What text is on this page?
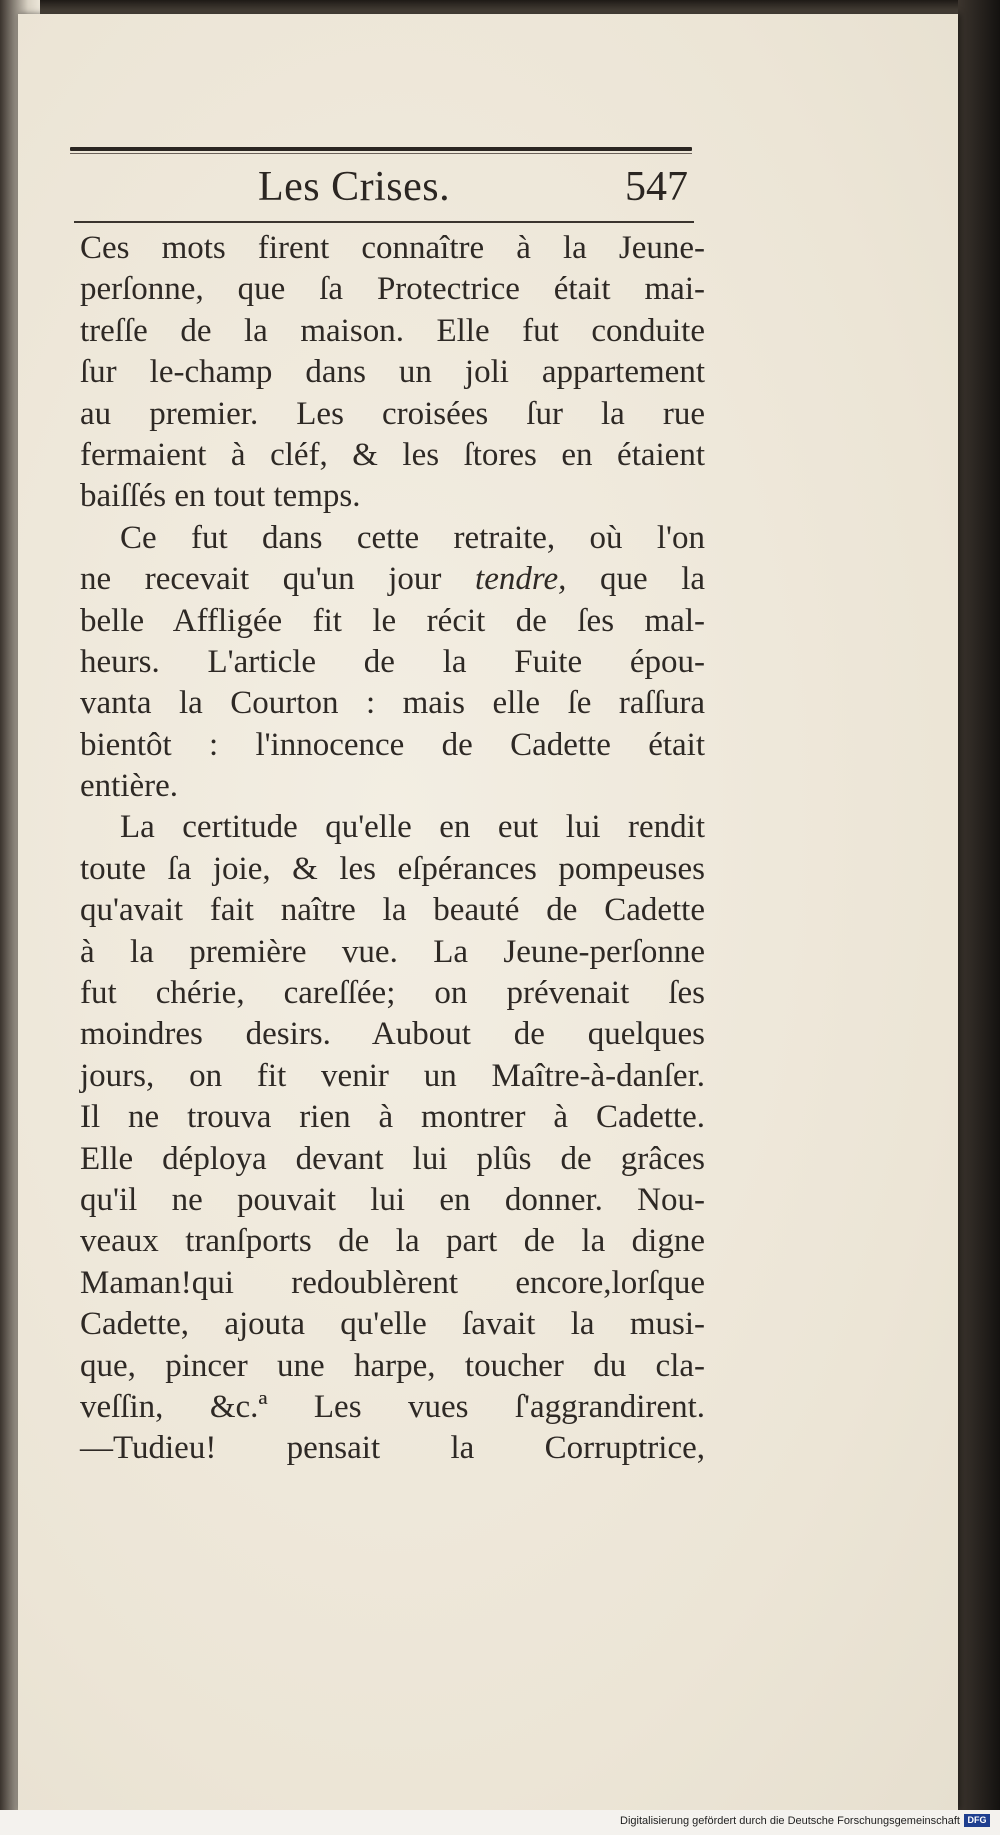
Les Crises.	547
Ces mots firent connaître à la Jeune-
perſonne, que ſa Protectrice était mai-
treſſe de la maison. Elle fut conduite
ſur le-champ dans un joli appartement
au premier. Les croisées ſur la rue
fermaient à cléf, & les ſtores en étaient
baiſſés en tout temps.
Ce fut dans cette retraite, où l'on
ne recevait qu'un jour tendre, que la
belle Affligée fit le récit de ſes mal-
heurs. L'article de la Fuite épou-
vanta la Courton : mais elle ſe raſſura
bientôt : l'innocence de Cadette était
entière.
La certitude qu'elle en eut lui rendit
toute ſa joie, & les eſpérances pompeuses
qu'avait fait naître la beauté de Cadette
à la première vue. La Jeune-perſonne
fut chérie, careſſée; on prévenait ſes
moindres desirs. Aubout de quelques
jours, on fit venir un Maître-à-danſer.
Il ne trouva rien à montrer à Cadette.
Elle déploya devant lui plûs de grâces
qu'il ne pouvait lui en donner. Nou-
veaux tranſports de la part de la digne
Maman!qui redoublèrent encore,lorſque
Cadette, ajouta qu'elle ſavait la musi-
que, pincer une harpe, toucher du cla-
veſſin, &c.ª Les vues ſ'aggrandirent.
—Tudieu! pensait la Corruptrice,
Digitalisierung gefördert durch die Deutsche Forschungsgemeinschaft DFG
